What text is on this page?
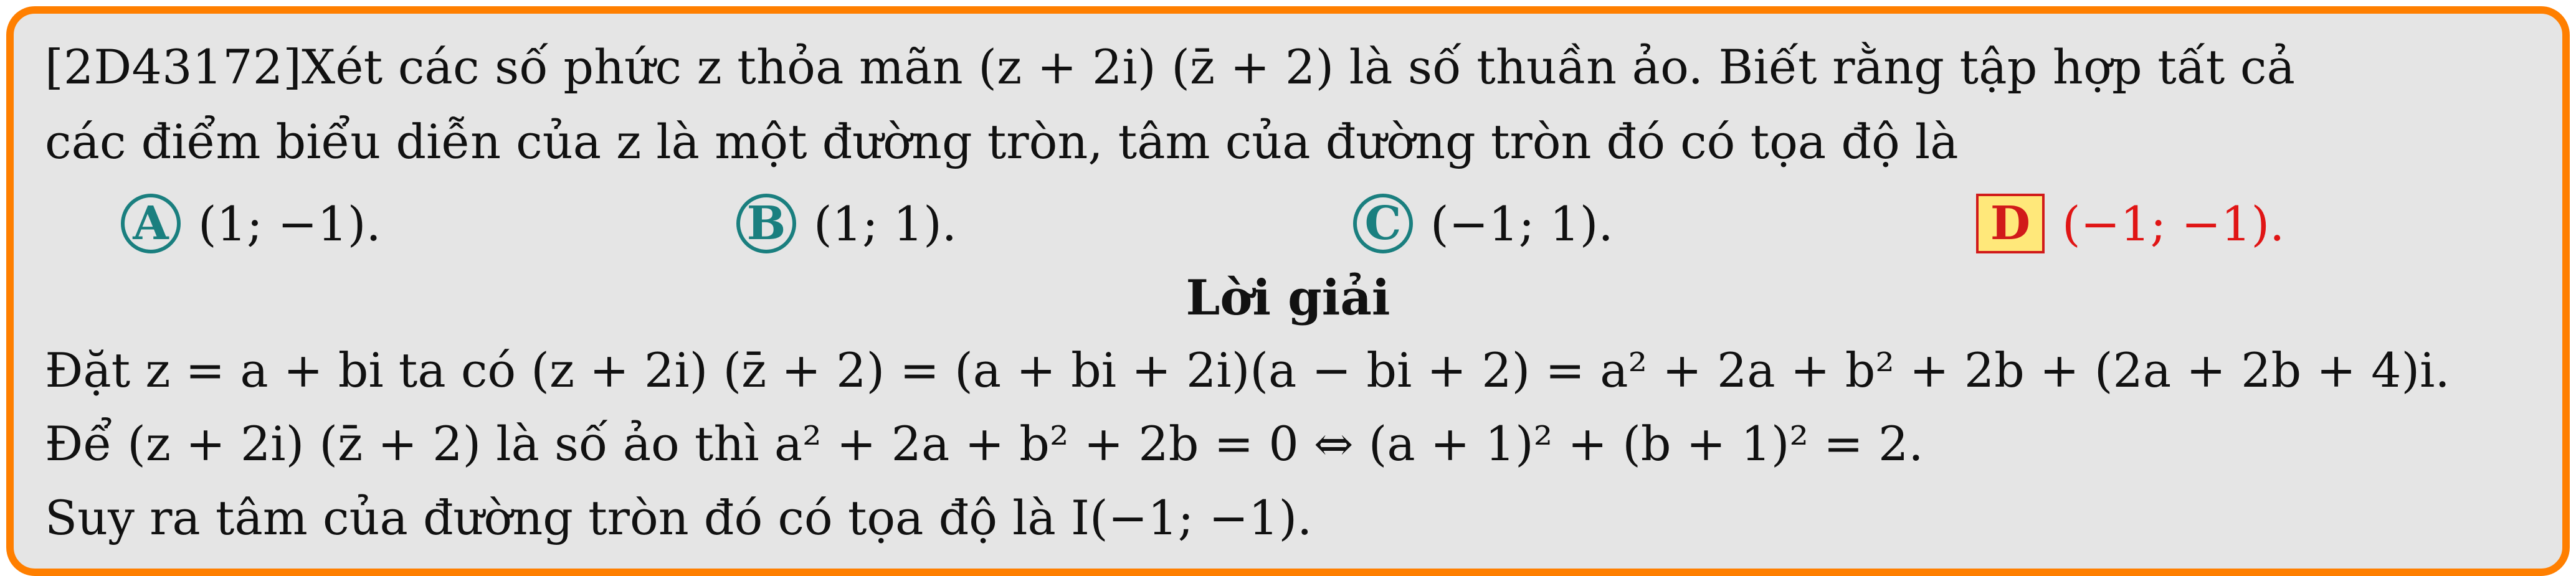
[2D43172]Xét các số phức z thỏa mãn (z + 2i) (z̄ + 2) là số thuần ảo. Biết rằng tập hợp tất cả
các điểm biểu diễn của z là một đường tròn, tâm của đường tròn đó có tọa độ là
A (1; −1).	B (1; 1).	C (−1; 1).	D (−1; −1).
Lời giải
Đặt z = a + bi ta có (z + 2i) (z̄ + 2) = (a + bi + 2i)(a − bi + 2) = a² + 2a + b² + 2b + (2a + 2b + 4)i.
Để (z + 2i) (z̄ + 2) là số ảo thì a² + 2a + b² + 2b = 0 ⇔ (a + 1)² + (b + 1)² = 2.
Suy ra tâm của đường tròn đó có tọa độ là I(−1; −1).
